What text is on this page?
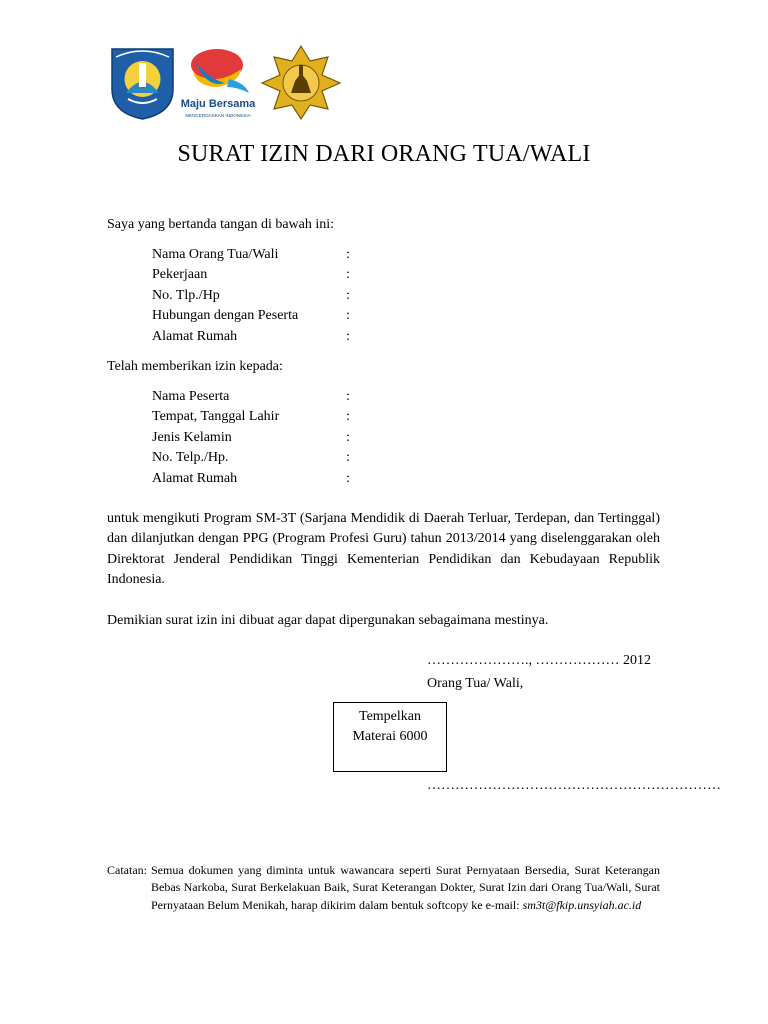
Maju Bersama
MENCERDASKAN INDONESIA
SURAT IZIN DARI ORANG TUA/WALI
Saya yang bertanda tangan di bawah ini:
Nama Orang Tua/Wali	:
Pekerjaan	:
No. Tlp./Hp	:
Hubungan dengan Peserta	:
Alamat Rumah	:
Telah memberikan izin kepada:
Nama Peserta	:
Tempat, Tanggal Lahir	:
Jenis Kelamin	:
No. Telp./Hp.	:
Alamat Rumah	:
untuk mengikuti Program SM-3T (Sarjana Mendidik di Daerah Terluar, Terdepan, dan Tertinggal) dan dilanjutkan dengan PPG (Program Profesi Guru) tahun 2013/2014 yang diselenggarakan oleh Direktorat Jenderal Pendidikan Tinggi Kementerian Pendidikan dan Kebudayaan Republik Indonesia.
Demikian surat izin ini dibuat agar dapat dipergunakan sebagaimana mestinya.
…………………., ……………… 2012
Orang Tua/ Wali,
Tempelkan
Materai 6000
………………………………………………………
Catatan: Semua dokumen yang diminta untuk wawancara seperti Surat Pernyataan Bersedia, Surat Keterangan Bebas Narkoba, Surat Berkelakuan Baik, Surat Keterangan Dokter, Surat Izin dari Orang Tua/Wali, Surat Pernyataan Belum Menikah, harap dikirim dalam bentuk softcopy ke e-mail: sm3t@fkip.unsyiah.ac.id
